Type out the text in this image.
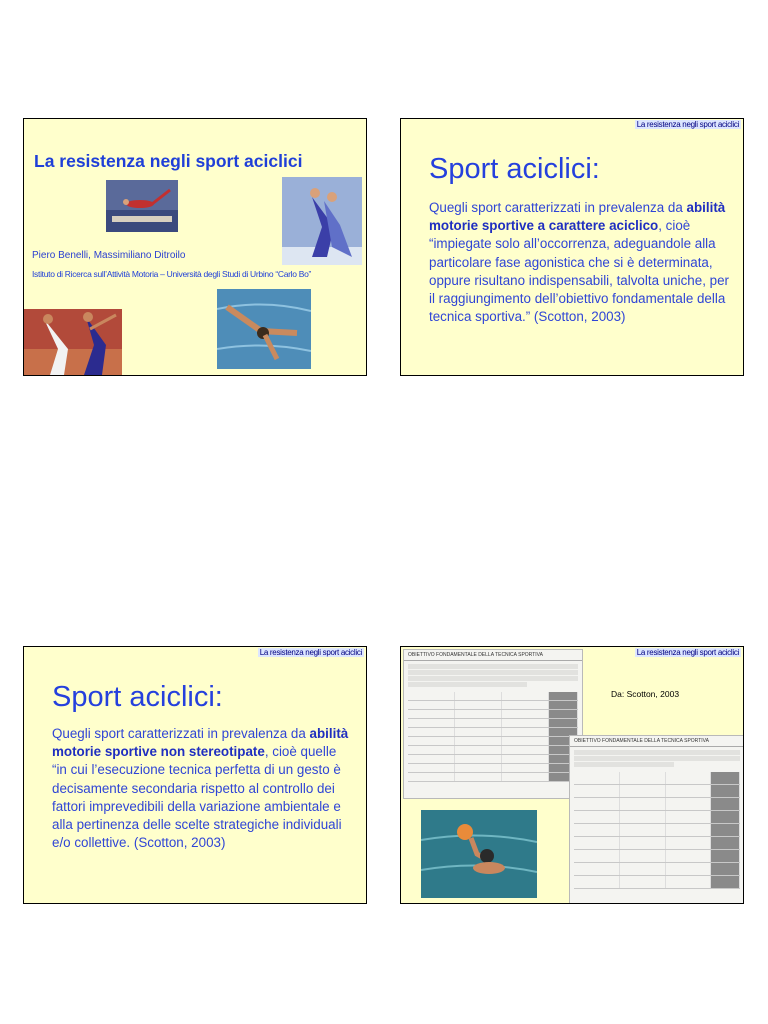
La resistenza negli sport aciclici
Piero Benelli, Massimiliano Ditroilo
Istituto di Ricerca sull’Attività Motoria – Università degli Studi di Urbino “Carlo Bo”
La resistenza negli sport aciclici
Sport aciclici:
Quegli sport caratterizzati in prevalenza da abilità motorie sportive a carattere aciclico, cioè “impiegate solo all’occorrenza, adeguandole alla particolare fase agonistica che si è determinata, oppure risultano indispensabili, talvolta uniche, per il raggiungimento dell’obiettivo fondamentale della tecnica sportiva.” (Scotton, 2003)
La resistenza negli sport aciclici
Sport aciclici:
Quegli sport caratterizzati in prevalenza da abilità motorie sportive non stereotipate, cioè quelle “in cui l’esecuzione tecnica perfetta di un gesto è decisamente secondaria rispetto al controllo dei fattori imprevedibili della variazione ambientale e alla pertinenza delle scelte strategiche individuali e/o collettive. (Scotton, 2003)
La resistenza negli sport aciclici
OBIETTIVO FONDAMENTALE DELLA TECNICA SPORTIVA
Da: Scotton, 2003
OBIETTIVO FONDAMENTALE DELLA TECNICA SPORTIVA
